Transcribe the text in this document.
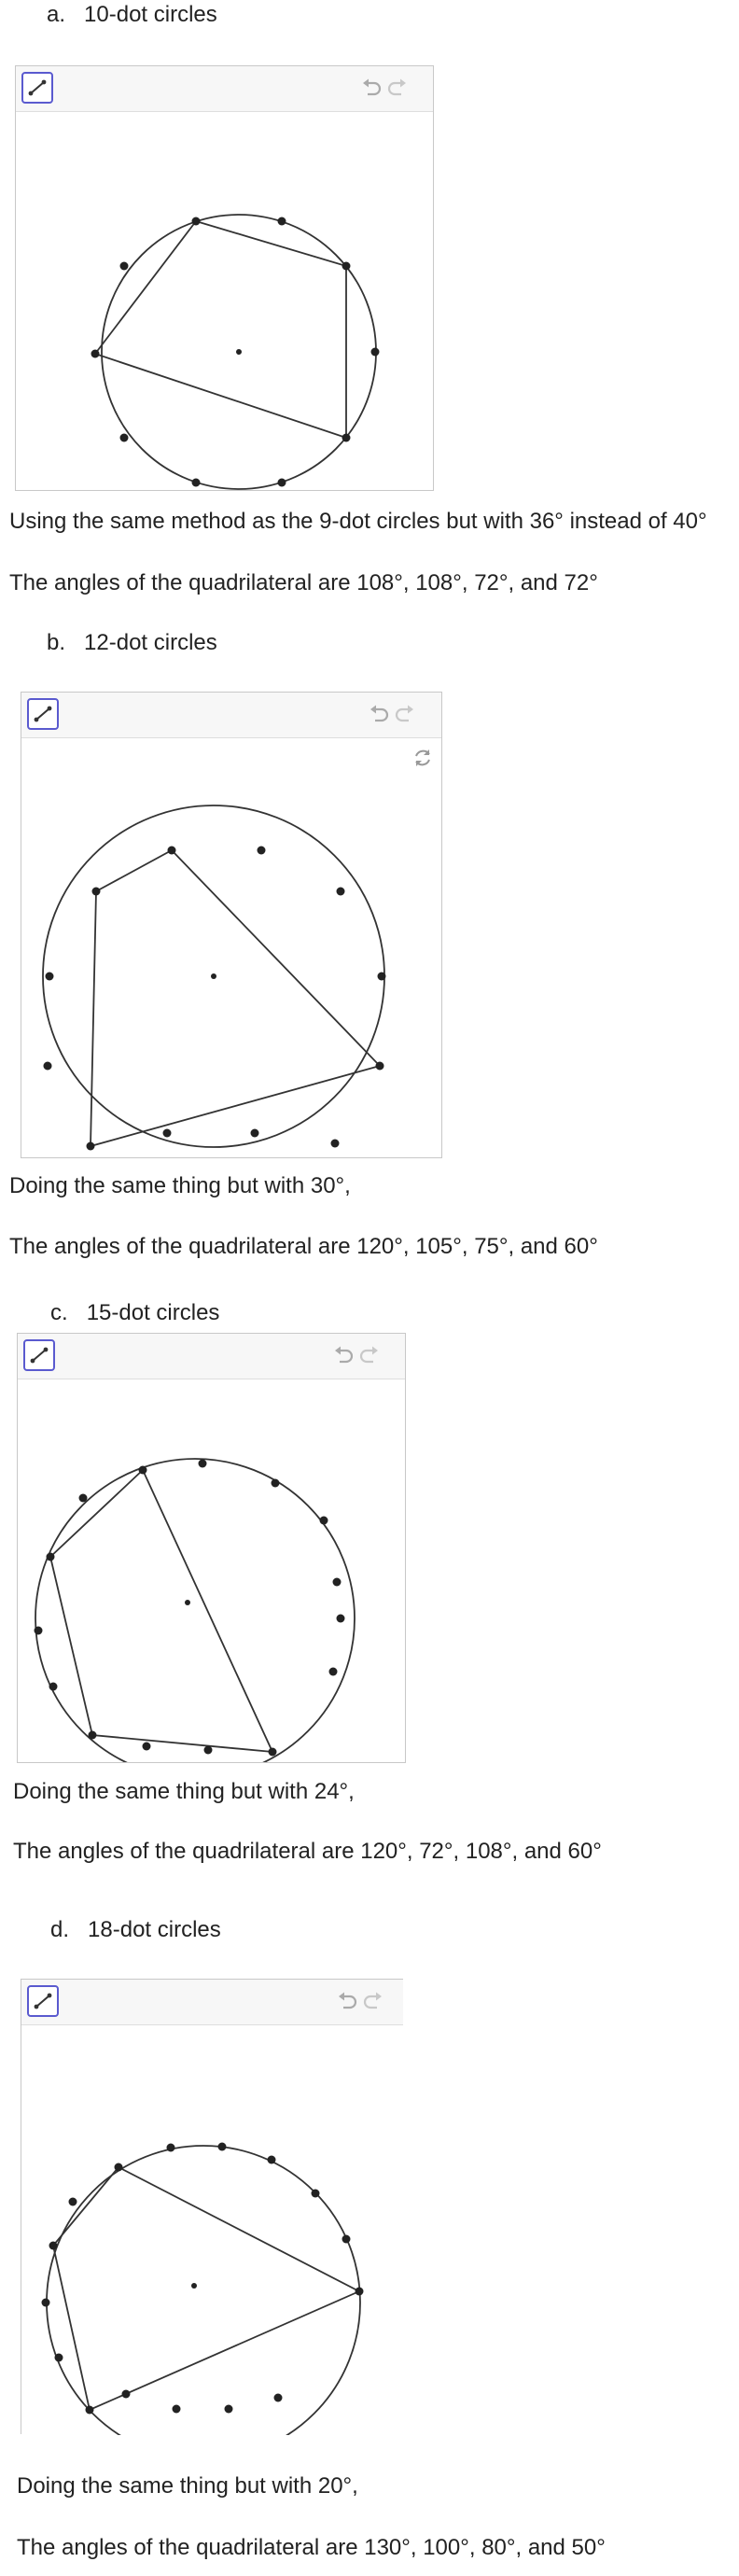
a. 10-dot circles
Using the same method as the 9-dot circles but with 36° instead of 40°
The angles of the quadrilateral are 108°, 108°, 72°, and 72°
b. 12-dot circles
Doing the same thing but with 30°,
The angles of the quadrilateral are 120°, 105°, 75°, and 60°
c. 15-dot circles
Doing the same thing but with 24°,
The angles of the quadrilateral are 120°, 72°, 108°, and 60°
d. 18-dot circles
Doing the same thing but with 20°,
The angles of the quadrilateral are 130°, 100°, 80°, and 50°
